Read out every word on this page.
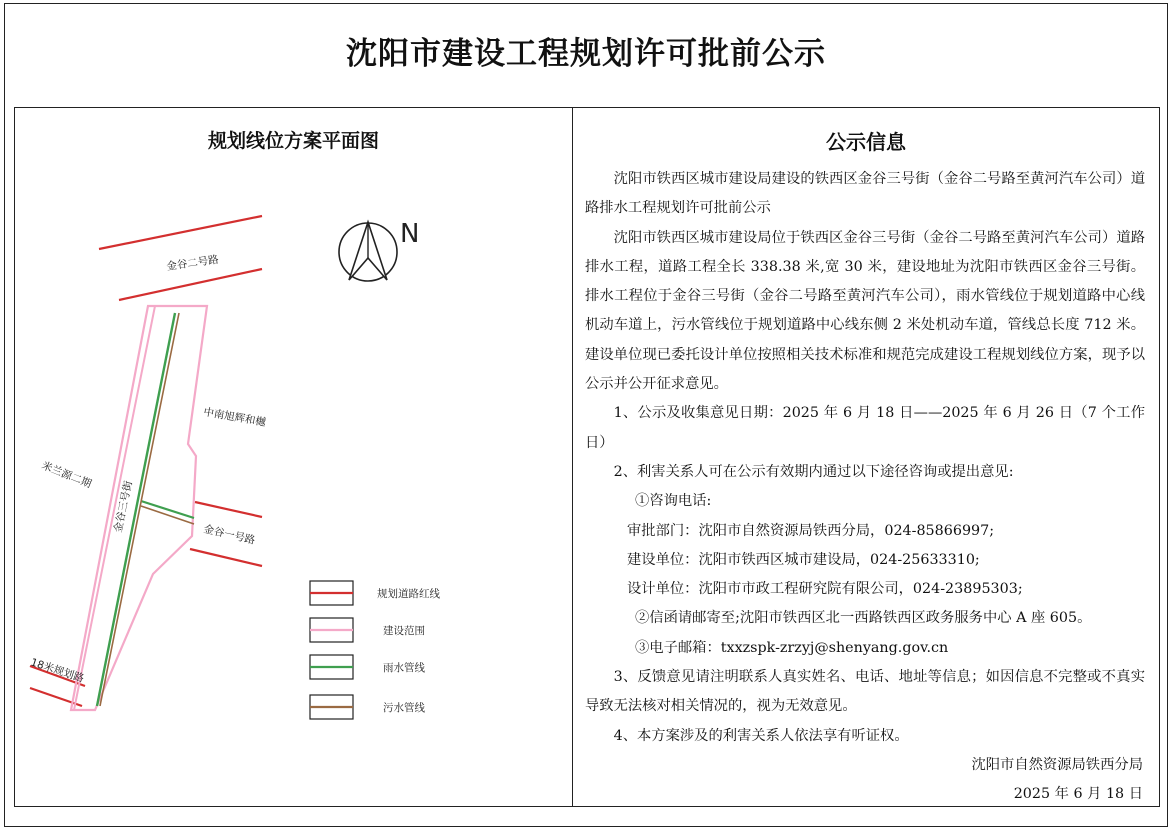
沈阳市建设工程规划许可批前公示
N
金谷二号路
中南旭辉和樾
米兰源二期
金谷三号街
金谷一号路
18米规划路
规划道路红线
建设范围
雨水管线
污水管线
规划线位方案平面图	公示信息

沈阳市铁西区城市建设局建设的铁西区金谷三号街（金谷二号路至黄河汽车公司）道路排水工程规划许可批前公示

沈阳市铁西区城市建设局位于铁西区金谷三号街（金谷二号路至黄河汽车公司）道路排水工程，道路工程全长 338.38 米,宽 30 米，建设地址为沈阳市铁西区金谷三号街。排水工程位于金谷三号街（金谷二号路至黄河汽车公司），雨水管线位于规划道路中心线机动车道上，污水管线位于规划道路中心线东侧 2 米处机动车道，管线总长度 712 米。建设单位现已委托设计单位按照相关技术标准和规范完成建设工程规划线位方案，现予以公示并公开征求意见。

1、公示及收集意见日期：2025 年 6 月 18 日——2025 年 6 月 26 日（7 个工作日）

2、利害关系人可在公示有效期内通过以下途径咨询或提出意见:

①咨询电话:

审批部门：沈阳市自然资源局铁西分局，024-85866997;

建设单位：沈阳市铁西区城市建设局，024-25633310;

设计单位：沈阳市市政工程研究院有限公司，024-23895303;

②信函请邮寄至;沈阳市铁西区北一西路铁西区政务服务中心 A 座 605。

③电子邮箱：txxzspk-zrzyj@shenyang.gov.cn

3、反馈意见请注明联系人真实姓名、电话、地址等信息；如因信息不完整或不真实导致无法核对相关情况的，视为无效意见。

4、本方案涉及的利害关系人依法享有听证权。

沈阳市自然资源局铁西分局

2025 年 6 月 18 日
